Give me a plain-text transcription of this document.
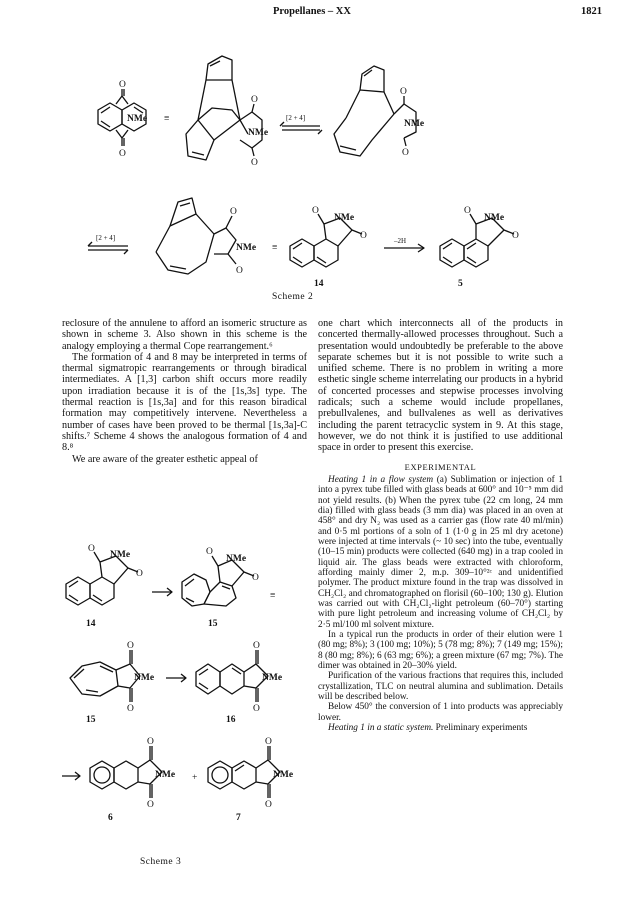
Propellanes – XX	1821
O
O
NMe ≡
O
O
NMe
[2 + 4]
O
O
NMe
[2 + 4]
O
O
NMe ≡
O
NMe
O
14
–2H
O
NMe
O
5
Scheme 2

reclosure of the annulene to afford an isomeric structure as shown in scheme 3. Also shown in this scheme is the analogy employing a thermal Cope rearrangement.⁶

The formation of 4 and 8 may be interpreted in terms of thermal sigmatropic rearrangements or through biradical intermediates. A [1,3] carbon shift occurs more readily upon irradiation because it is of the [1s,3s] type. The thermal reaction is [1s,3a] and for this reason biradical formation may competitively intervene. Nevertheless a number of cases have been proved to be thermal [1s,3a]-C shifts.⁷ Scheme 4 shows the analogous formation of 4 and 8.⁸

We are aware of the greater esthetic appeal of

O
NMe
O
14
O
NMe
O
15
≡
O
O
NMe
15
O
O
NMe
16
O
O
NMe
6
+
O
O
NMe
7
Scheme 3

one chart which interconnects all of the products in concerted thermally-allowed processes throughout. Such a presentation would undoubtedly be preferable to the above separate schemes but it is not possible to write such a unified scheme. There is no problem in writing a more esthetic single scheme interrelating our products in a hybrid of concerted processes and stepwise processes involving radicals; such a scheme would include propellanes, prebullvalenes, and bullvalenes as well as derivatives including the parent tetracyclic system in 9. At this stage, however, we do not think it is justified to use additional space in order to present this exercise.

EXPERIMENTAL

Heating 1 in a flow system (a) Sublimation or injection of 1 into a pyrex tube filled with glass beads at 600° and 10⁻⁵ mm did not yield results. (b) When the pyrex tube (22 cm long, 24 mm dia) filled with glass beads (3 mm dia) was placed in an oven at 458° and dry N₂ was used as a carrier gas (flow rate 40 ml/min) and 0·5 ml portions of a soln of 1 (1·0 g in 25 ml dry acetone) were injected at time intervals (~ 10 sec) into the tube, eventually (10–15 min) products were collected (640 mg) in a trap cooled in liquid air. The glass beads were extracted with chloroform, affording mainly dimer 2, m.p. 309–10°²ᶜ and unidentified polymer. The product mixture found in the trap was dissolved in CH₂Cl₂ and chromatographed on florisil (60–100; 130 g). Elution was carried out with CH₂Cl₂-light petroleum (60–70°) starting with pure light petroleum and increasing volume of CH₂Cl₂ by 2·5 ml/100 ml solvent mixture.

In a typical run the products in order of their elution were 1 (80 mg; 8%); 3 (100 mg; 10%); 5 (78 mg; 8%); 7 (149 mg; 15%); 8 (80 mg; 8%); 6 (63 mg; 6%); a green mixture (67 mg; 7%). The dimer was obtained in 20–30% yield.

Purification of the various fractions that requires this, included crystallization, TLC on neutral alumina and sublimation. Details will be described below.

Below 450° the conversion of 1 into products was appreciably lower.

Heating 1 in a static system. Preliminary experiments
